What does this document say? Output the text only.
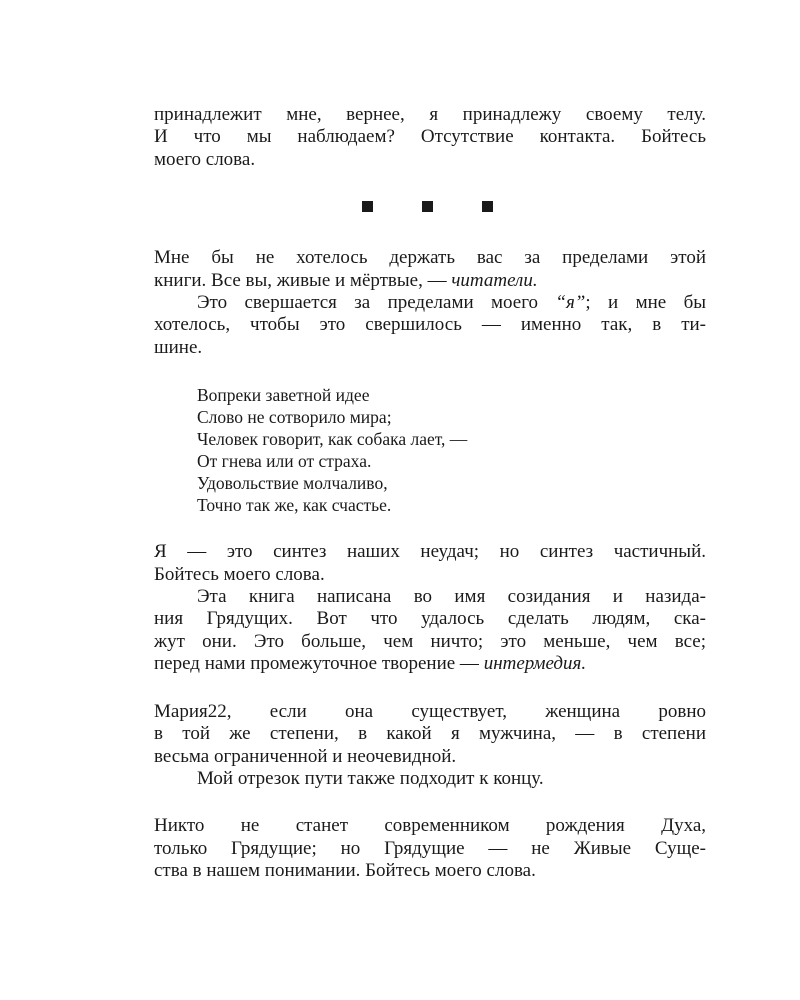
принадлежит мне, вернее, я принадлежу своему телу.
И что мы наблюдаем? Отсутствие контакта. Бойтесь
моего слова.
Мне бы не хотелось держать вас за пределами этой
книги. Все вы, живые и мёртвые, — читатели.
Это свершается за пределами моего “я”; и мне бы
хотелось, чтобы это свершилось — именно так, в ти-
шине.
Вопреки заветной идее
Слово не сотворило мира;
Человек говорит, как собака лает, —
От гнева или от страха.
Удовольствие молчаливо,
Точно так же, как счастье.
Я — это синтез наших неудач; но синтез частичный.
Бойтесь моего слова.
Эта книга написана во имя созидания и назида-
ния Грядущих. Вот что удалось сделать людям, ска-
жут они. Это больше, чем ничто; это меньше, чем все;
перед нами промежуточное творение — интермедия.
Мария22, если она существует, женщина ровно
в той же степени, в какой я мужчина, — в степени
весьма ограниченной и неочевидной.
Мой отрезок пути также подходит к концу.
Никто не станет современником рождения Духа,
только Грядущие; но Грядущие — не Живые Суще-
ства в нашем понимании. Бойтесь моего слова.
